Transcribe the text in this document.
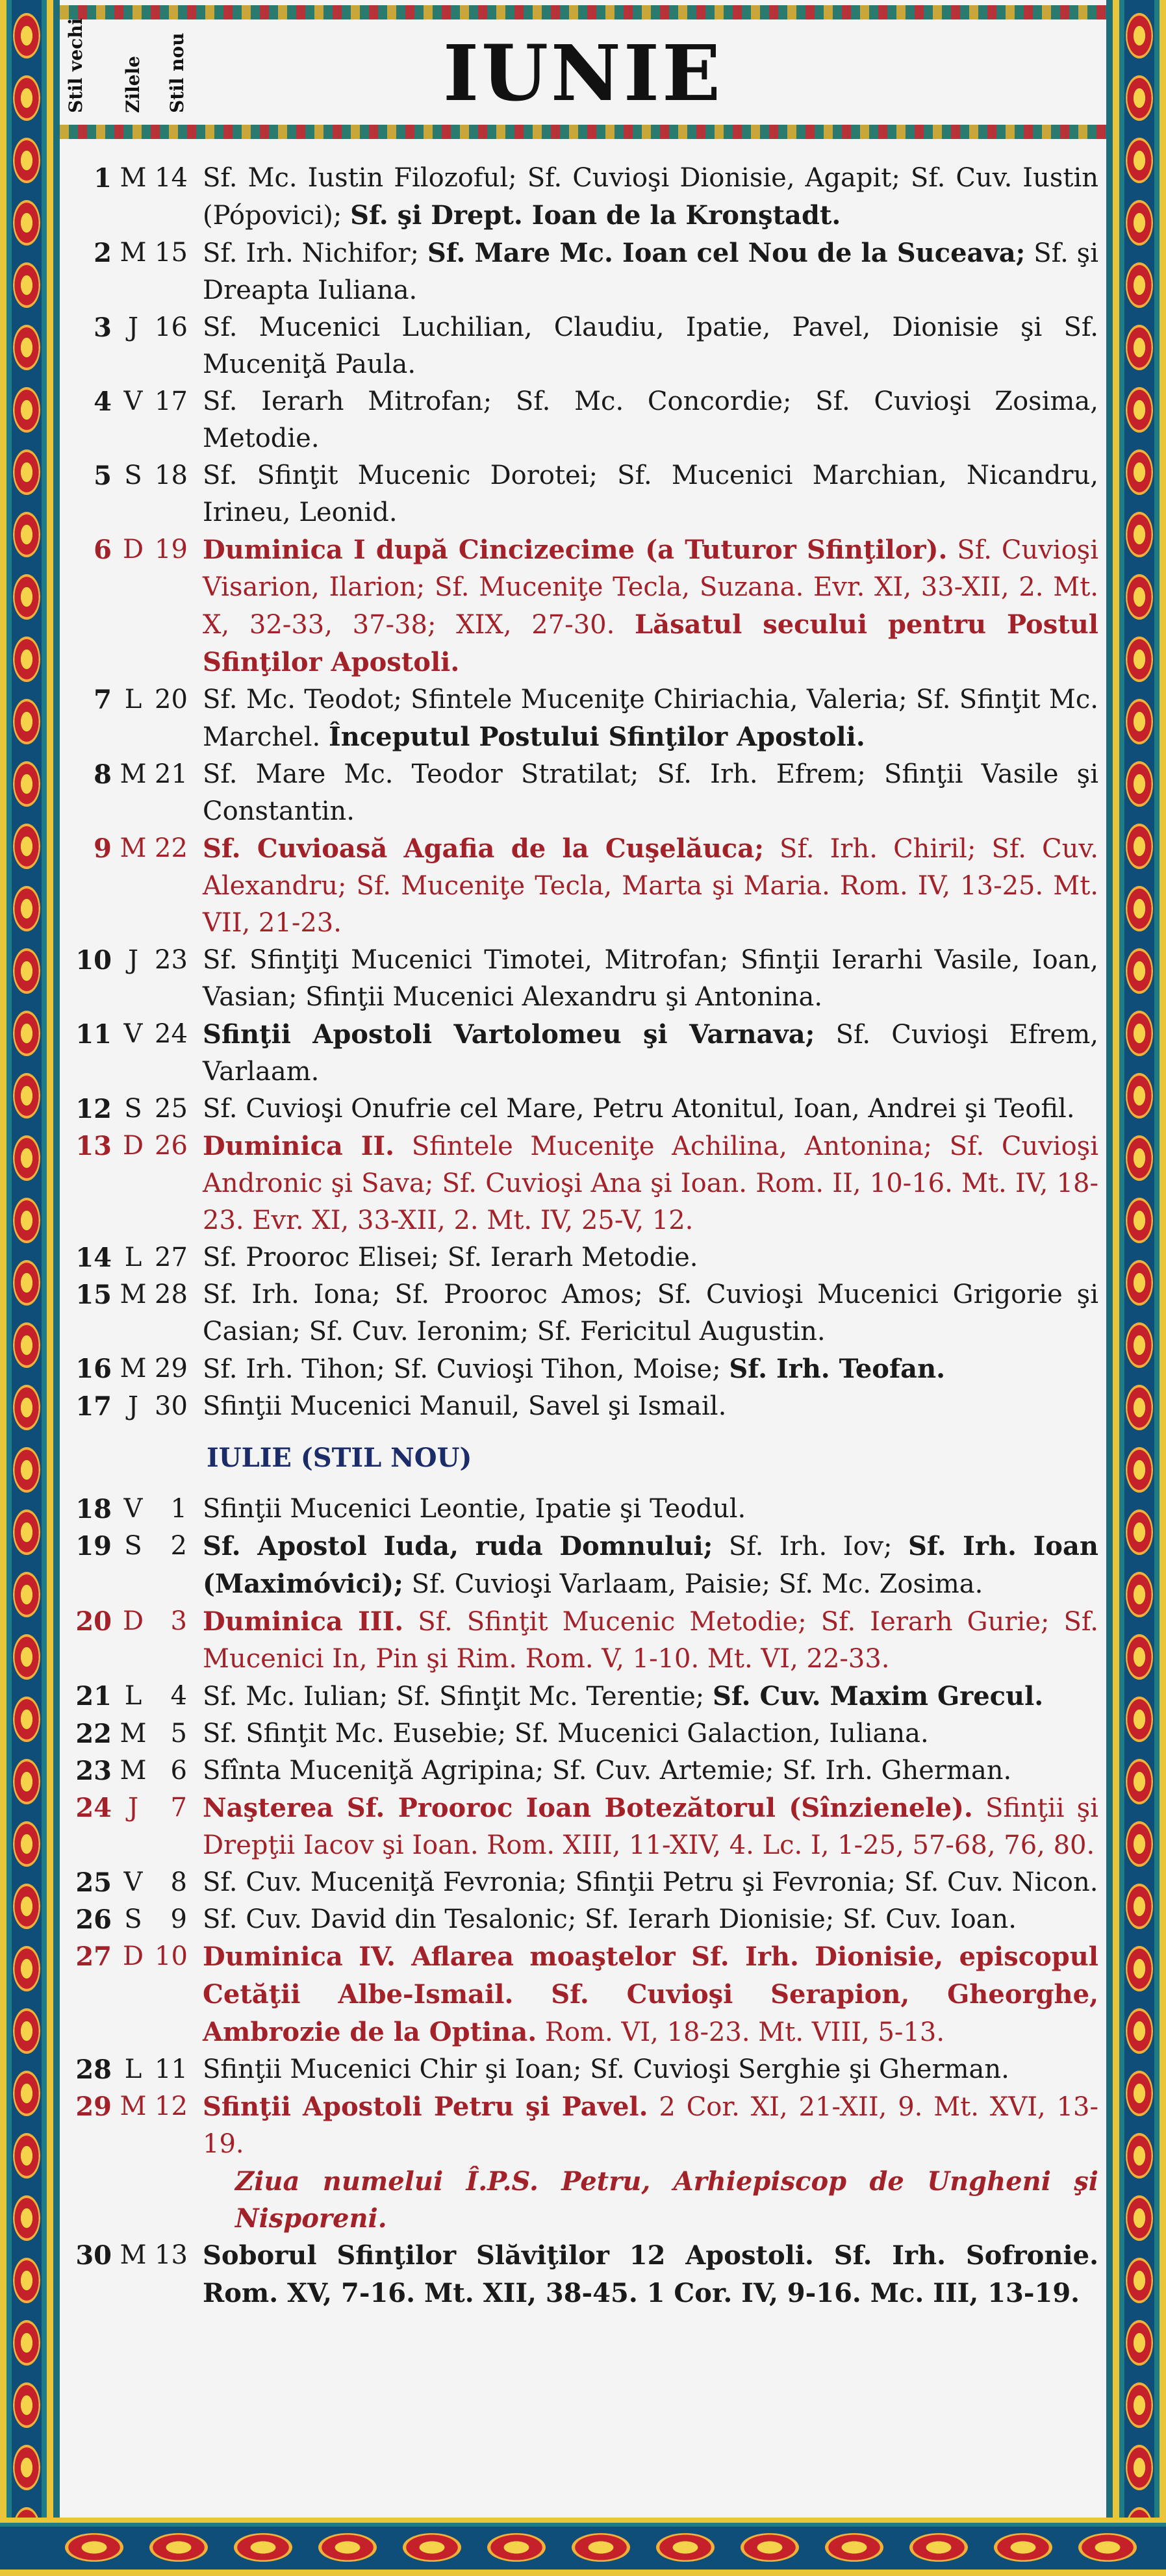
Stil vechi Zilele Stil nou	IUNIE
1 M 14 Sf. Mc. Iustin Filozoful; Sf. Cuvioşi Dionisie, Agapit; Sf. Cuv. Iustin (Pópovici); Sf. şi Drept. Ioan de la Kronştadt.
2 M 15 Sf. Irh. Nichifor; Sf. Mare Mc. Ioan cel Nou de la Suceava; Sf. şi Dreapta Iuliana.
3 J 16 Sf. Mucenici Luchilian, Claudiu, Ipatie, Pavel, Dionisie şi Sf. Muceniţă Paula.
4 V 17 Sf. Ierarh Mitrofan; Sf. Mc. Concordie; Sf. Cuvioşi Zosima, Metodie.
5 S 18 Sf. Sfinţit Mucenic Dorotei; Sf. Mucenici Marchian, Nicandru, Irineu, Leonid.
6 D 19 Duminica I după Cincizecime (a Tuturor Sfinţilor). Sf. Cuvioşi Visarion, Ilarion; Sf. Muceniţe Tecla, Suzana. Evr. XI, 33-XII, 2. Mt. X, 32-33, 37-38; XIX, 27-30. Lăsatul secului pentru Postul Sfinţilor Apostoli.
7 L 20 Sf. Mc. Teodot; Sfintele Muceniţe Chiriachia, Valeria; Sf. Sfinţit Mc. Marchel. Începutul Postului Sfinţilor Apostoli.
8 M 21 Sf. Mare Mc. Teodor Stratilat; Sf. Irh. Efrem; Sfinţii Vasile şi Constantin.
9 M 22 Sf. Cuvioasă Agafia de la Cuşelăuca; Sf. Irh. Chiril; Sf. Cuv. Alexandru; Sf. Muceniţe Tecla, Marta şi Maria. Rom. IV, 13-25. Mt. VII, 21-23.
10 J 23 Sf. Sfinţiţi Mucenici Timotei, Mitrofan; Sfinţii Ierarhi Vasile, Ioan, Vasian; Sfinţii Mucenici Alexandru şi Antonina.
11 V 24 Sfinţii Apostoli Vartolomeu şi Varnava; Sf. Cuvioşi Efrem, Varlaam.
12 S 25 Sf. Cuvioşi Onufrie cel Mare, Petru Atonitul, Ioan, Andrei şi Teofil.
13 D 26 Duminica II. Sfintele Muceniţe Achilina, Antonina; Sf. Cuvioşi Andronic şi Sava; Sf. Cuvioşi Ana şi Ioan. Rom. II, 10-16. Mt. IV, 18-23. Evr. XI, 33-XII, 2. Mt. IV, 25-V, 12.
14 L 27 Sf. Prooroc Elisei; Sf. Ierarh Metodie.
15 M 28 Sf. Irh. Iona; Sf. Prooroc Amos; Sf. Cuvioşi Mucenici Grigorie şi Casian; Sf. Cuv. Ieronim; Sf. Fericitul Augustin.
16 M 29 Sf. Irh. Tihon; Sf. Cuvioşi Tihon, Moise; Sf. Irh. Teofan.
17 J 30 Sfinţii Mucenici Manuil, Savel şi Ismail.
IULIE (STIL NOU)
18 V	1 Sfinţii Mucenici Leontie, Ipatie şi Teodul.
19 S	2 Sf. Apostol Iuda, ruda Domnului; Sf. Irh. Iov; Sf. Irh. Ioan (Maximóvici); Sf. Cuvioşi Varlaam, Paisie; Sf. Mc. Zosima.
20 D	3 Duminica III. Sf. Sfinţit Mucenic Metodie; Sf. Ierarh Gurie; Sf. Mucenici In, Pin şi Rim. Rom. V, 1-10. Mt. VI, 22-33.
21 L	4 Sf. Mc. Iulian; Sf. Sfinţit Mc. Terentie; Sf. Cuv. Maxim Grecul.
22 M 5 Sf. Sfinţit Mc. Eusebie; Sf. Mucenici Galaction, Iuliana.
23 M 6 Sfînta Muceniţă Agripina; Sf. Cuv. Artemie; Sf. Irh. Gherman.
24 J	7 Naşterea Sf. Prooroc Ioan Botezătorul (Sînzienele). Sfinţii şi Drepţii Iacov şi Ioan. Rom. XIII, 11-XIV, 4. Lc. I, 1-25, 57-68, 76, 80.
25 V	8 Sf. Cuv. Muceniţă Fevronia; Sfinţii Petru şi Fevronia; Sf. Cuv. Nicon.
26 S	9 Sf. Cuv. David din Tesalonic; Sf. Ierarh Dionisie; Sf. Cuv. Ioan.
27 D 10 Duminica IV. Aflarea moaştelor Sf. Irh. Dionisie, episcopul Cetăţii Albe-Ismail. Sf. Cuvioşi Serapion, Gheorghe, Ambrozie de la Optina. Rom. VI, 18-23. Mt. VIII, 5-13.
28 L 11 Sfinţii Mucenici Chir şi Ioan; Sf. Cuvioşi Serghie şi Gherman.
29 M 12 Sfinţii Apostoli Petru şi Pavel. 2 Cor. XI, 21-XII, 9. Mt. XVI, 13-19.
Ziua numelui Î.P.S. Petru, Arhiepiscop de Ungheni şi Nisporeni.
30 M 13 Soborul Sfinţilor Slăviţilor 12 Apostoli. Sf. Irh. Sofronie. Rom. XV, 7-16. Mt. XII, 38-45. 1 Cor. IV, 9-16. Mc. III, 13-19.
